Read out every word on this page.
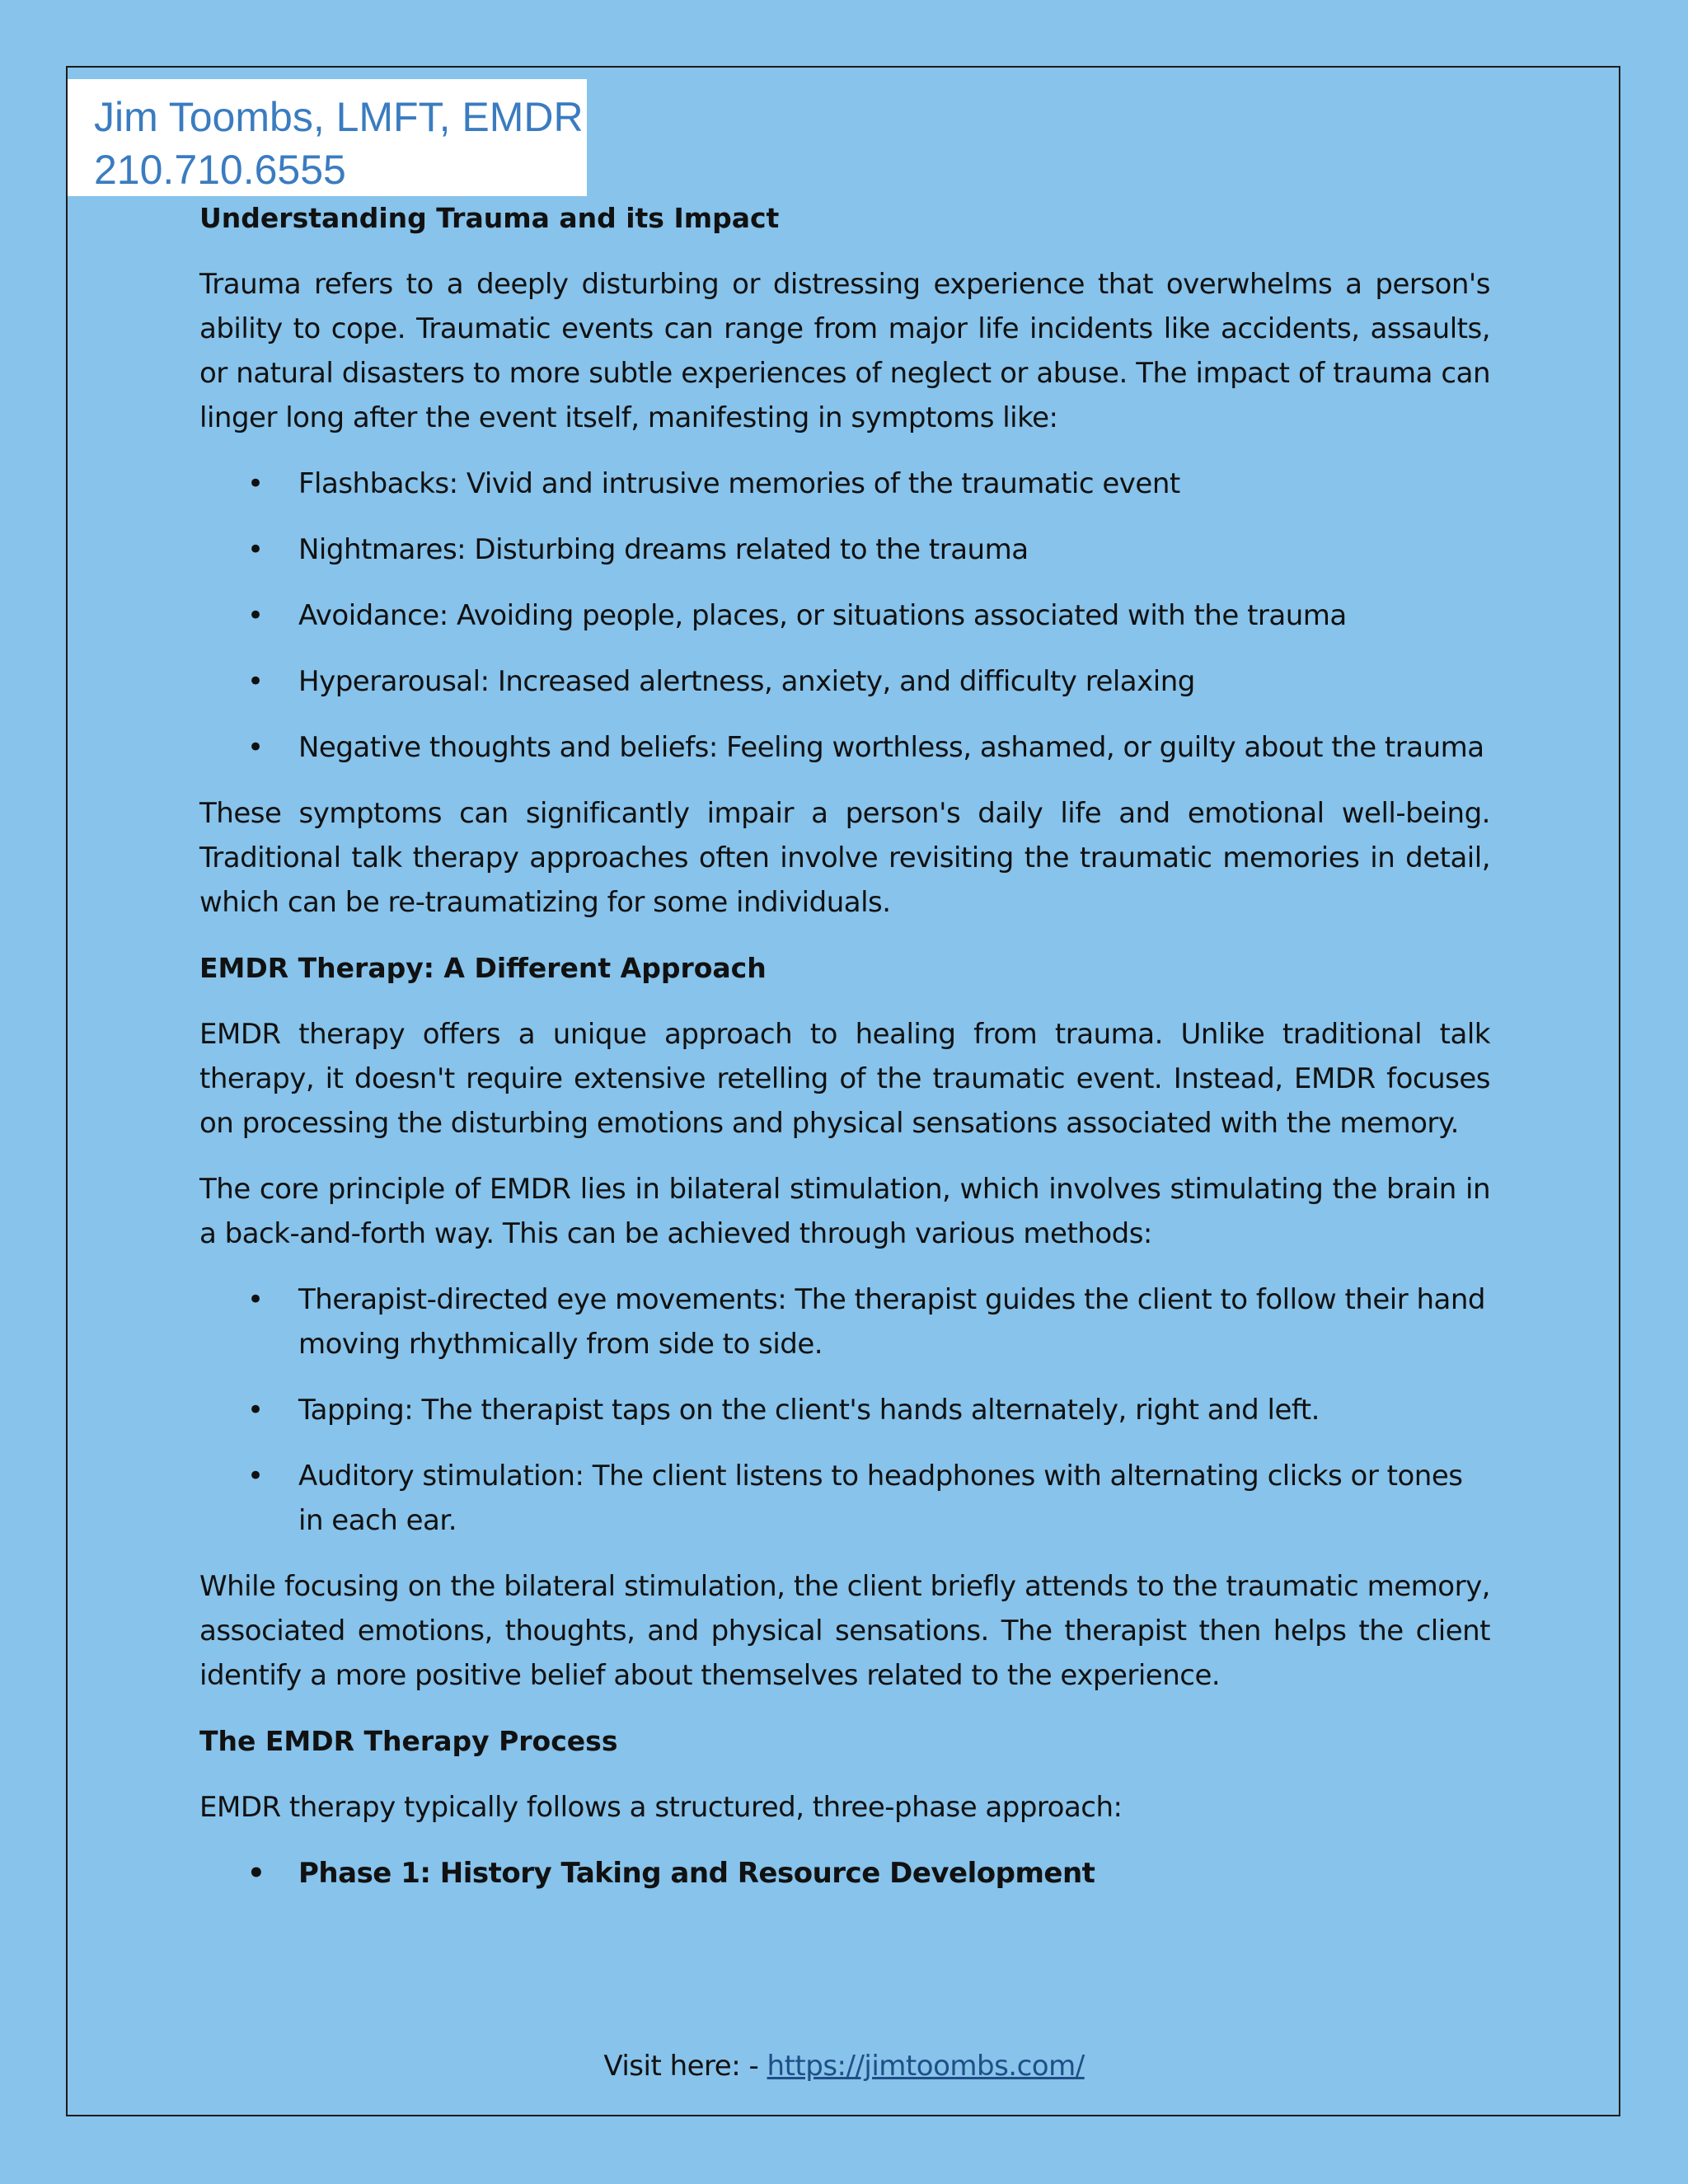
Jim Toombs, LMFT, EMDR
210.710.6555
Understanding Trauma and its Impact

Trauma refers to a deeply disturbing or distressing experience that overwhelms a person's ability to cope. Traumatic events can range from major life incidents like accidents, assaults, or natural disasters to more subtle experiences of neglect or abuse. The impact of trauma can linger long after the event itself, manifesting in symptoms like:

• Flashbacks: Vivid and intrusive memories of the traumatic event
• Nightmares: Disturbing dreams related to the trauma
• Avoidance: Avoiding people, places, or situations associated with the trauma
• Hyperarousal: Increased alertness, anxiety, and difficulty relaxing
• Negative thoughts and beliefs: Feeling worthless, ashamed, or guilty about the trauma

These symptoms can significantly impair a person's daily life and emotional well-being. Traditional talk therapy approaches often involve revisiting the traumatic memories in detail, which can be re-traumatizing for some individuals.

EMDR Therapy: A Different Approach

EMDR therapy offers a unique approach to healing from trauma. Unlike traditional talk therapy, it doesn't require extensive retelling of the traumatic event. Instead, EMDR focuses on processing the disturbing emotions and physical sensations associated with the memory.

The core principle of EMDR lies in bilateral stimulation, which involves stimulating the brain in a back-and-forth way. This can be achieved through various methods:

• Therapist-directed eye movements: The therapist guides the client to follow their hand moving rhythmically from side to side.
• Tapping: The therapist taps on the client's hands alternately, right and left.
• Auditory stimulation: The client listens to headphones with alternating clicks or tones in each ear.

While focusing on the bilateral stimulation, the client briefly attends to the traumatic memory, associated emotions, thoughts, and physical sensations. The therapist then helps the client identify a more positive belief about themselves related to the experience.

The EMDR Therapy Process

EMDR therapy typically follows a structured, three-phase approach:

• Phase 1: History Taking and Resource Development
Visit here: - https://jimtoombs.com/
